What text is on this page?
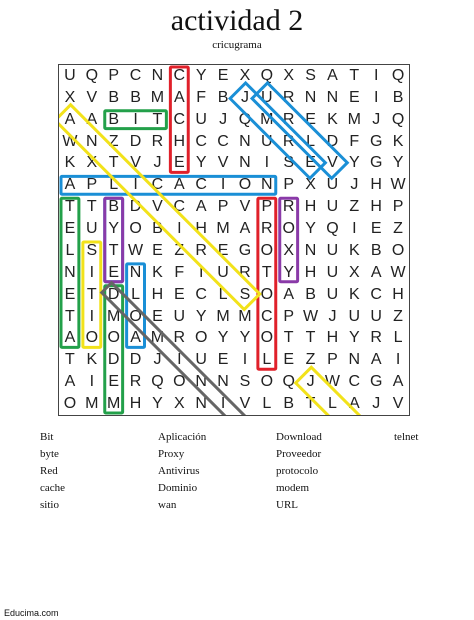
actividad 2
cricugrama
U Q P C N C Y E X Q X S A T I Q
X V B B M A F B J U R N N E I B
A A B I T C U J Q M R E K M J Q
W N Z D R H C C N U R L D F G K
K X T V J E Y V N I S E V Y G Y
A P L I C A C I O N P X U J H W
T T B D V C A P V P R H U Z H P
E U Y O B I H M A R O Y Q I E Z
L S T W E Z R E G O X N U K B O
N I E N K F I U R T Y H U X A W
E T D L H E C L S O A B U K C H
T I M O E U Y M M C P W J U U Z
A O O A M R O Y Y O T T H Y R L
T K D D J I U E I L E Z P N A I
A I E R Q O N N S O Q J W C G A
O M M H Y X N I V L B T L A J V
Bit
byte
Red
cache
sitio
Aplicación
Proxy
Antivirus
Dominio
wan
Download
Proveedor
protocolo
modem
URL
telnet
Educima.com
